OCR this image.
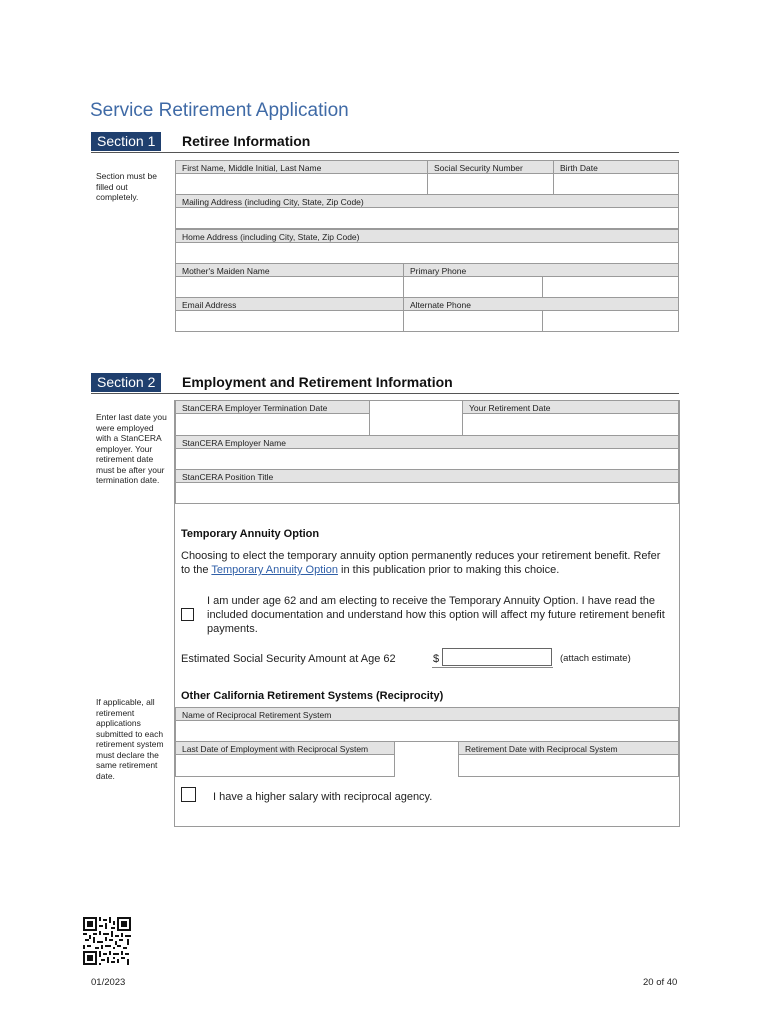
Service Retirement Application
Section 1	Retiree Information
Section must be filled out completely.
First Name, Middle Initial, Last Name	Social Security Number	Birth Date
Mailing Address (including City, State, Zip Code)
Home Address (including City, State, Zip Code)
Mother's Maiden Name	Primary Phone
Email Address	Alternate Phone
Section 2	Employment and Retirement Information
Enter last date you were employed with a StanCERA employer. Your retirement date must be after your termination date.
StanCERA Employer Termination Date	Your Retirement Date
StanCERA Employer Name
StanCERA Position Title
Temporary Annuity Option
Choosing to elect the temporary annuity option permanently reduces your retirement benefit. Refer to the Temporary Annuity Option in this publication prior to making this choice.
I am under age 62 and am electing to receive the Temporary Annuity Option. I have read the included documentation and understand how this option will affect my future retirement benefit payments.
Estimated Social Security Amount at Age 62	$	(attach estimate)
If applicable, all retirement applications submitted to each retirement system must declare the same retirement date.
Other California Retirement Systems (Reciprocity)
Name of Reciprocal Retirement System
Last Date of Employment with Reciprocal System	Retirement Date with Reciprocal System
I have a higher salary with reciprocal agency.
01/2023	20 of 40
